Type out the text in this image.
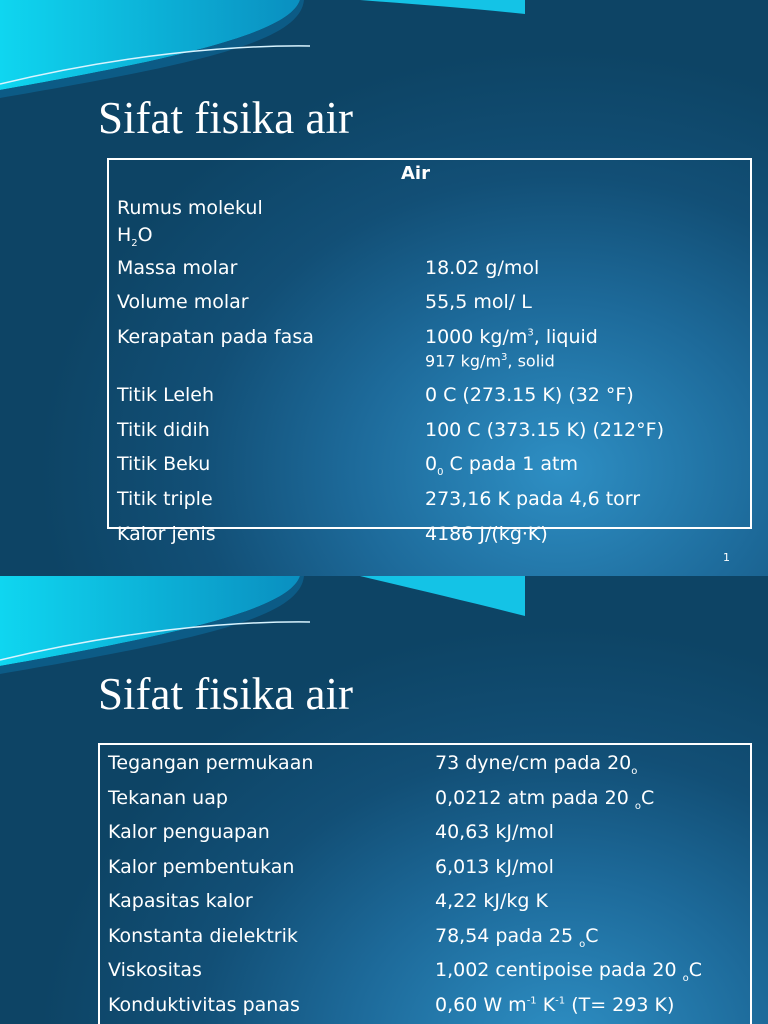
Sifat fisika air
Air
Rumus molekul
$H_2O$
Massa molar	18.02 g/mol
Volume molar	55,5 mol/ L
Kerapatan pada fasa	1000 $kg/m^3$, liquid
917 $kg/m^3$, solid
Titik Leleh	0 C (273.15 K) (32 °F)
Titik didih	100 C (373.15 K) (212°F)
Titik Beku	$0_0$ C pada 1 atm
Titik triple	273,16 K pada 4,6 torr
Kalor jenis	4186 J/(kg·K)
1
Sifat fisika air
Tegangan permukaan	73 dyne/cm pada $20_o$
Tekanan uap	0,0212 atm pada 20 $_o$C
Kalor penguapan	40,63 kJ/mol
Kalor pembentukan	6,013 kJ/mol
Kapasitas kalor	4,22 kJ/kg K
Konstanta dielektrik	78,54 pada 25 $_o$C
Viskositas	1,002 centipoise pada 20 $_o$C
Konduktivitas panas	0,60 W $m^{-1}$ $K^{-1}$ (T= 293 K)
